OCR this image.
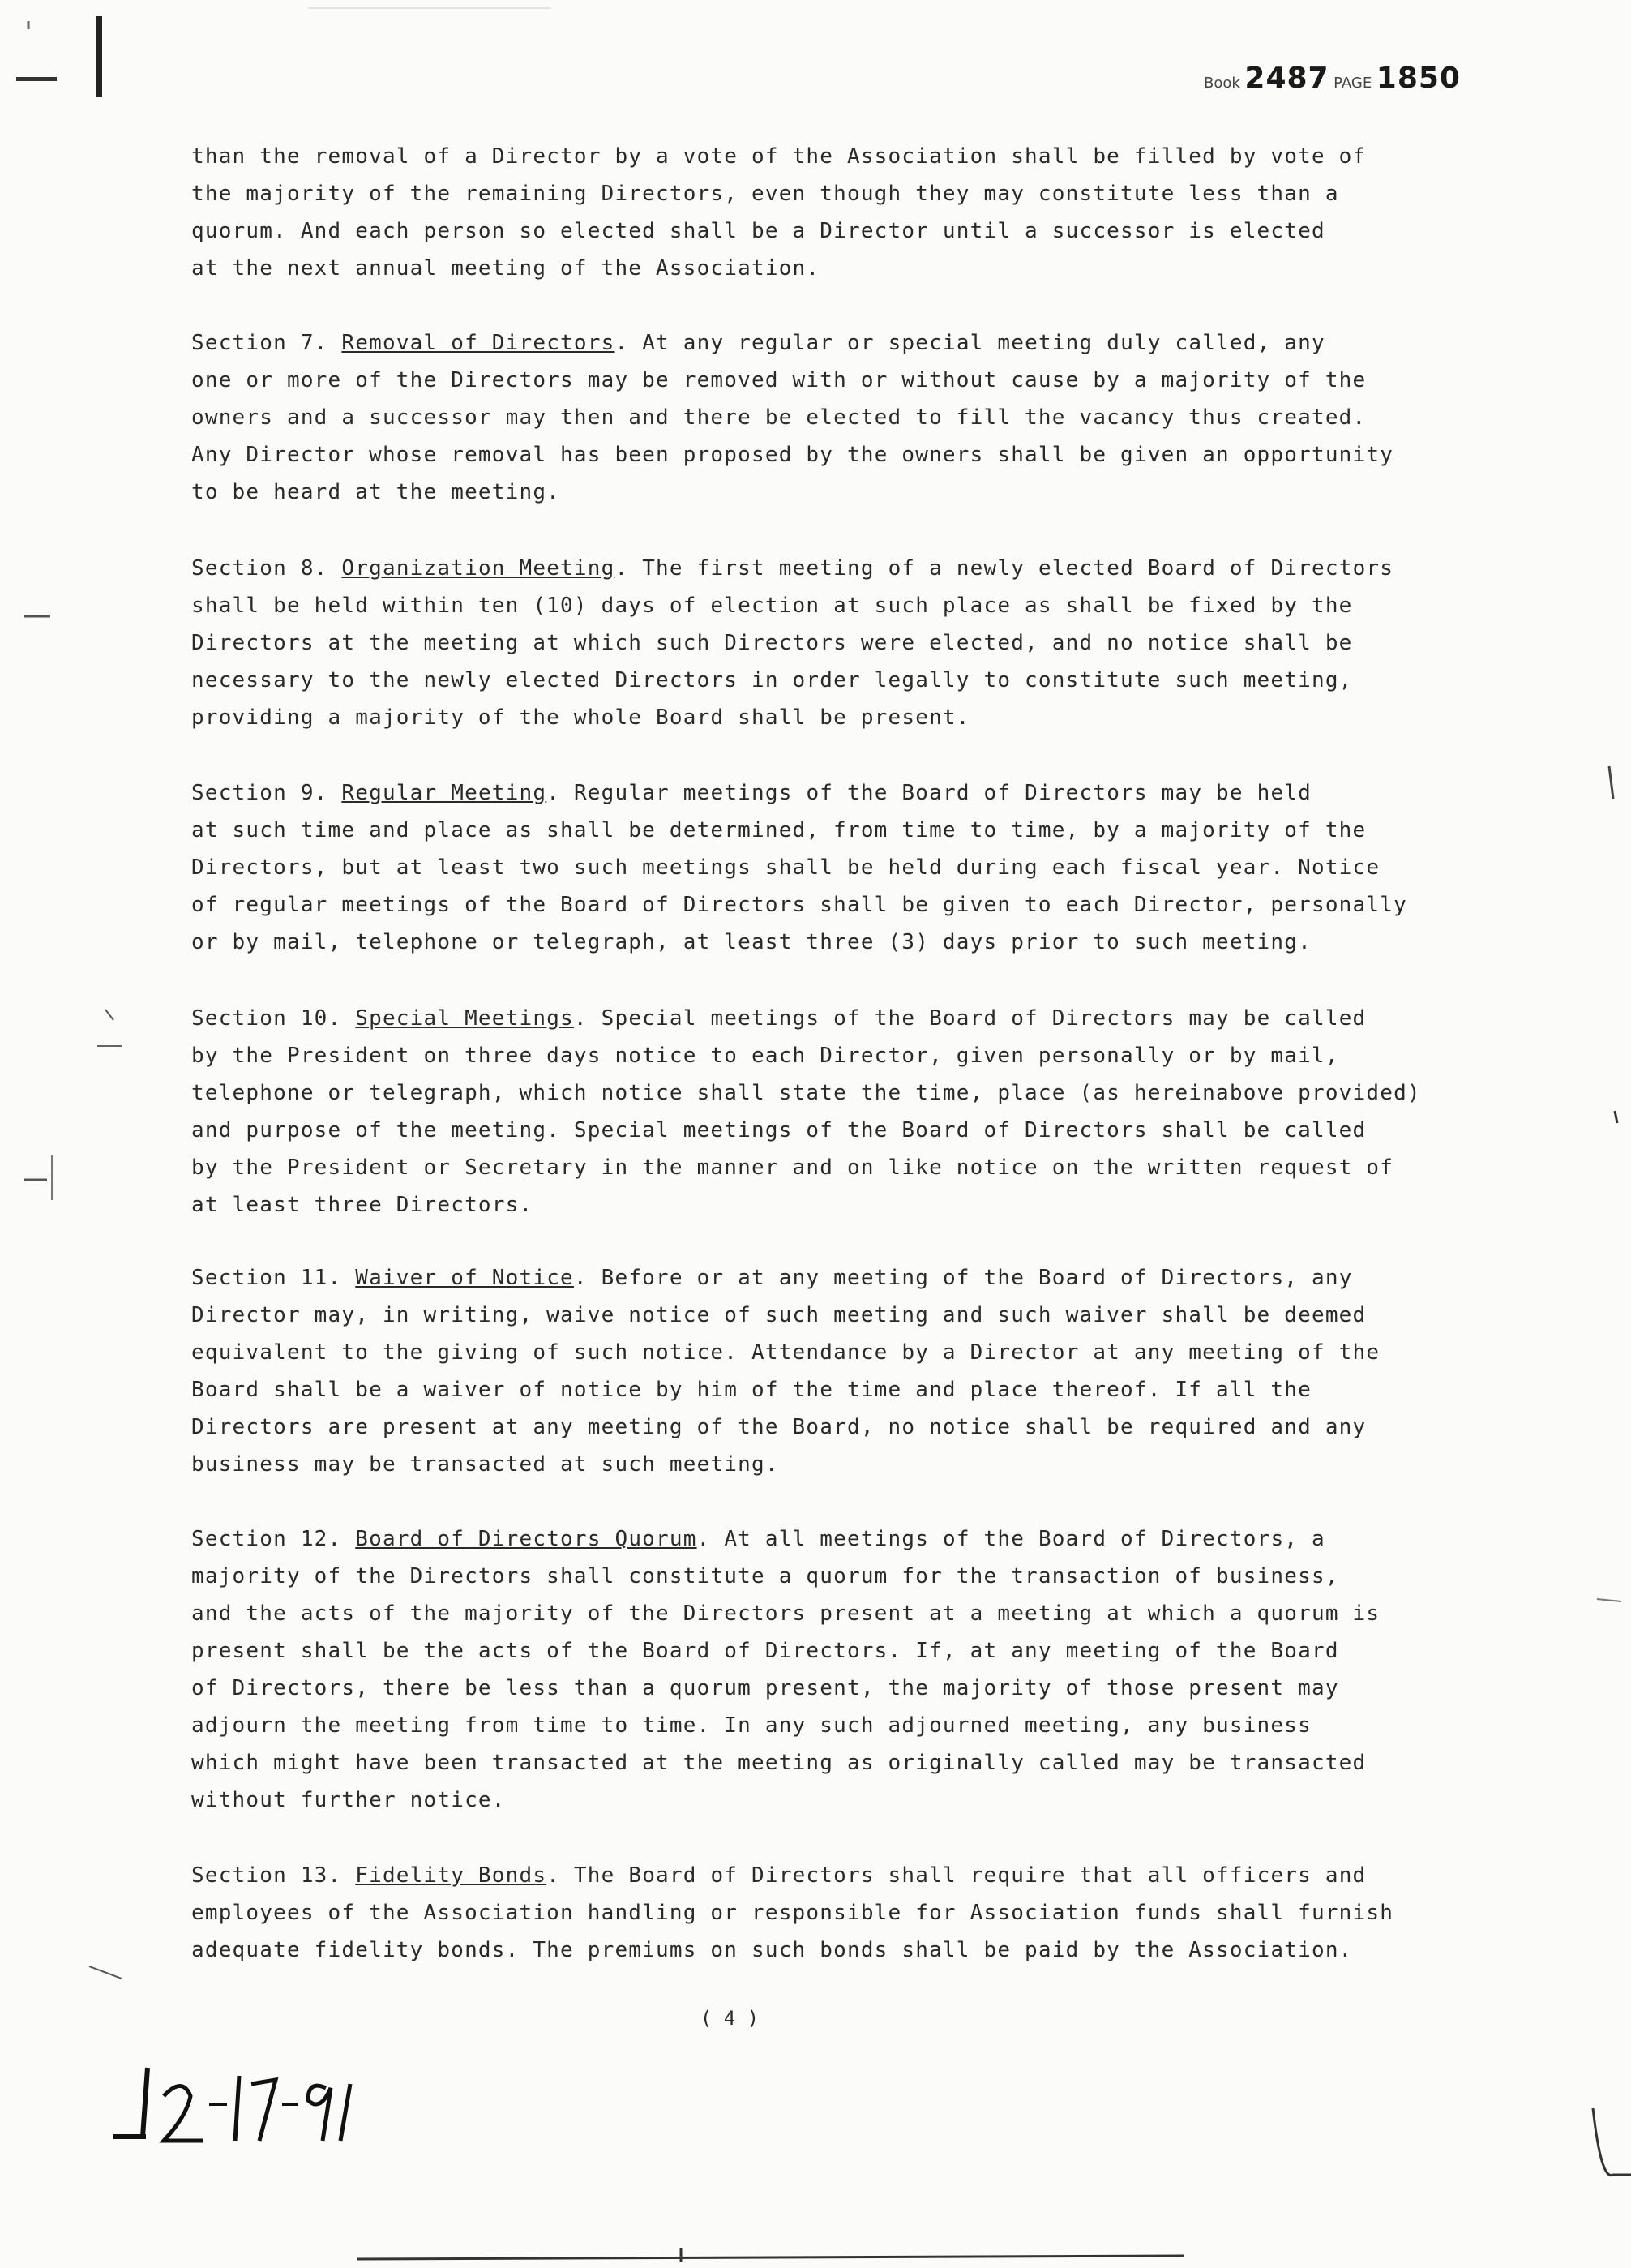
Book 2487 PAGE 1850
than the removal of a Director by a vote of the Association shall be filled by vote of
the majority of the remaining Directors, even though they may constitute less than a
quorum. And each person so elected shall be a Director until a successor is elected
at the next annual meeting of the Association.
Section 7. Removal of Directors. At any regular or special meeting duly called, any
one or more of the Directors may be removed with or without cause by a majority of the
owners and a successor may then and there be elected to fill the vacancy thus created.
Any Director whose removal has been proposed by the owners shall be given an opportunity
to be heard at the meeting.
Section 8. Organization Meeting. The first meeting of a newly elected Board of Directors
shall be held within ten (10) days of election at such place as shall be fixed by the
Directors at the meeting at which such Directors were elected, and no notice shall be
necessary to the newly elected Directors in order legally to constitute such meeting,
providing a majority of the whole Board shall be present.
Section 9. Regular Meeting. Regular meetings of the Board of Directors may be held
at such time and place as shall be determined, from time to time, by a majority of the
Directors, but at least two such meetings shall be held during each fiscal year. Notice
of regular meetings of the Board of Directors shall be given to each Director, personally
or by mail, telephone or telegraph, at least three (3) days prior to such meeting.
Section 10. Special Meetings. Special meetings of the Board of Directors may be called
by the President on three days notice to each Director, given personally or by mail,
telephone or telegraph, which notice shall state the time, place (as hereinabove provided)
and purpose of the meeting. Special meetings of the Board of Directors shall be called
by the President or Secretary in the manner and on like notice on the written request of
at least three Directors.
Section 11. Waiver of Notice. Before or at any meeting of the Board of Directors, any
Director may, in writing, waive notice of such meeting and such waiver shall be deemed
equivalent to the giving of such notice. Attendance by a Director at any meeting of the
Board shall be a waiver of notice by him of the time and place thereof. If all the
Directors are present at any meeting of the Board, no notice shall be required and any
business may be transacted at such meeting.
Section 12. Board of Directors Quorum. At all meetings of the Board of Directors, a
majority of the Directors shall constitute a quorum for the transaction of business,
and the acts of the majority of the Directors present at a meeting at which a quorum is
present shall be the acts of the Board of Directors. If, at any meeting of the Board
of Directors, there be less than a quorum present, the majority of those present may
adjourn the meeting from time to time. In any such adjourned meeting, any business
which might have been transacted at the meeting as originally called may be transacted
without further notice.
Section 13. Fidelity Bonds. The Board of Directors shall require that all officers and
employees of the Association handling or responsible for Association funds shall furnish
adequate fidelity bonds. The premiums on such bonds shall be paid by the Association.
( 4 )
